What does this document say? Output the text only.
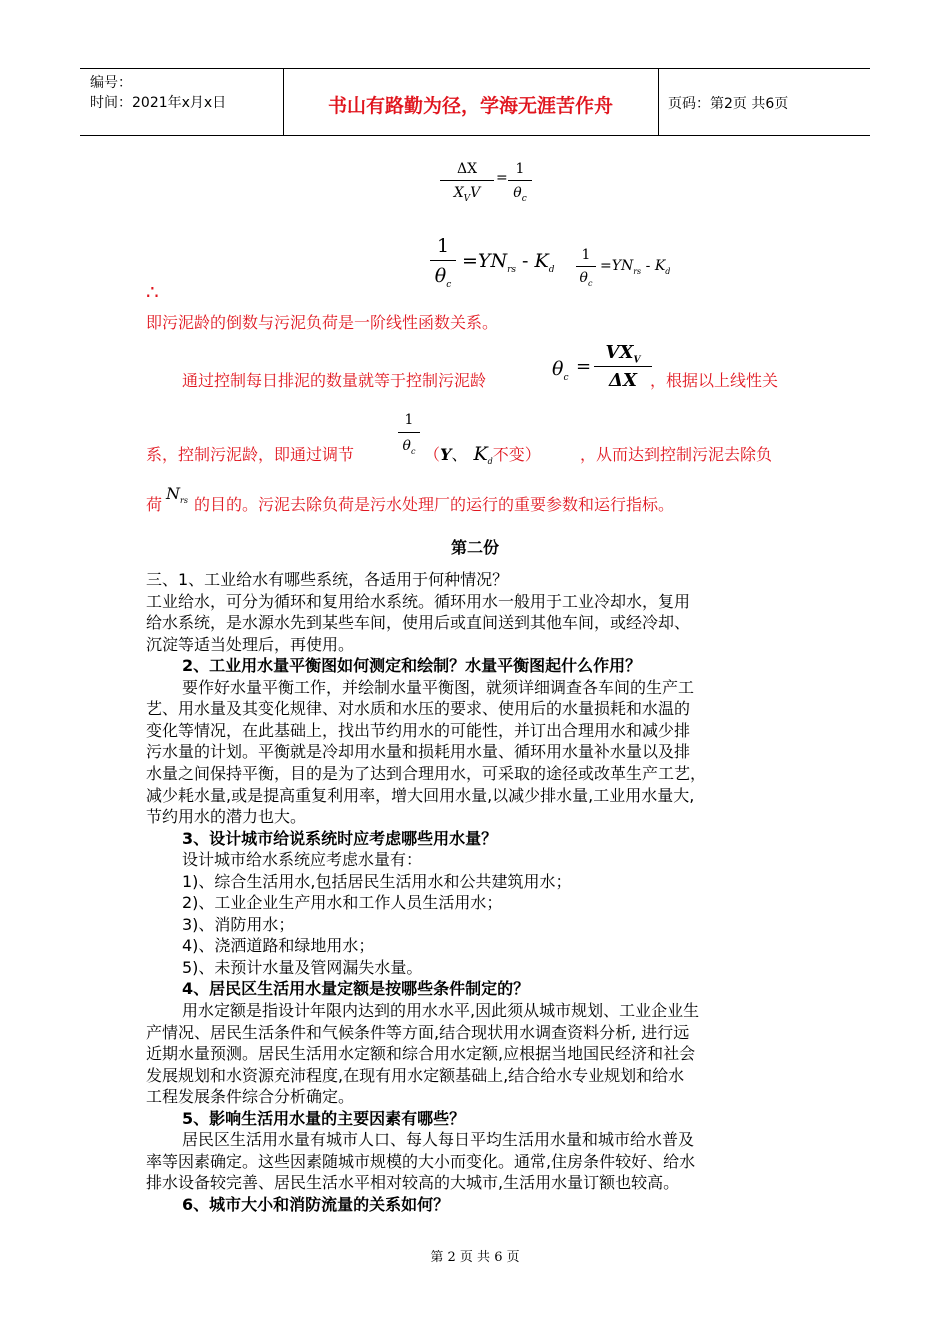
编号：
时间：2021年x月x日	书山有路勤为径，学海无涯苦作舟	页码：第2页 共6页
ΔX
$X_VV$
=
1
$\theta_c$
1
$\theta_c$
$=YN_{rs} - K_d$
1
$\theta_c$
$=YN_{rs} - K_d$
∴
即污泥龄的倒数与污泥负荷是一阶线性函数关系。
通过控制每日排泥的数量就等于控制污泥龄
$\theta_c$
=
$VX_V$
ΔX ，根据以上线性关
系，控制污泥龄，即通过调节
1
$\theta_c$ （Y、 $K_d$不变） ，从而达到控制污泥去除负
荷
$N_{rs}$ 的目的。污泥去除负荷是污水处理厂的运行的重要参数和运行指标。
第二份
三、1、工业给水有哪些系统，各适用于何种情况？
工业给水，可分为循环和复用给水系统。循环用水一般用于工业冷却水，复用
给水系统，是水源水先到某些车间，使用后或直间送到其他车间，或经冷却、
沉淀等适当处理后，再使用。
2、工业用水量平衡图如何测定和绘制？水量平衡图起什么作用？
要作好水量平衡工作，并绘制水量平衡图，就须详细调查各车间的生产工
艺、用水量及其变化规律、对水质和水压的要求、使用后的水量损耗和水温的
变化等情况，在此基础上，找出节约用水的可能性，并订出合理用水和减少排
污水量的计划。平衡就是冷却用水量和损耗用水量、循环用水量补水量以及排
水量之间保持平衡，目的是为了达到合理用水，可采取的途径或改革生产工艺，
减少耗水量,或是提高重复利用率，增大回用水量,以减少排水量,工业用水量大,
节约用水的潜力也大。
3、设计城市给说系统时应考虑哪些用水量？
设计城市给水系统应考虑水量有：
1)、综合生活用水,包括居民生活用水和公共建筑用水；
2)、工业企业生产用水和工作人员生活用水；
3)、消防用水；
4)、浇洒道路和绿地用水；
5)、未预计水量及管网漏失水量。
4、居民区生活用水量定额是按哪些条件制定的？
用水定额是指设计年限内达到的用水水平,因此须从城市规划、工业企业生
产情况、居民生活条件和气候条件等方面,结合现状用水调查资料分析, 进行远
近期水量预测。居民生活用水定额和综合用水定额,应根据当地国民经济和社会
发展规划和水资源充沛程度,在现有用水定额基础上,结合给水专业规划和给水
工程发展条件综合分析确定。
5、影响生活用水量的主要因素有哪些？
居民区生活用水量有城市人口、每人每日平均生活用水量和城市给水普及
率等因素确定。这些因素随城市规模的大小而变化。通常,住房条件较好、给水
排水设备较完善、居民生活水平相对较高的大城市,生活用水量订额也较高。
6、城市大小和消防流量的关系如何？
第 2 页 共 6 页
